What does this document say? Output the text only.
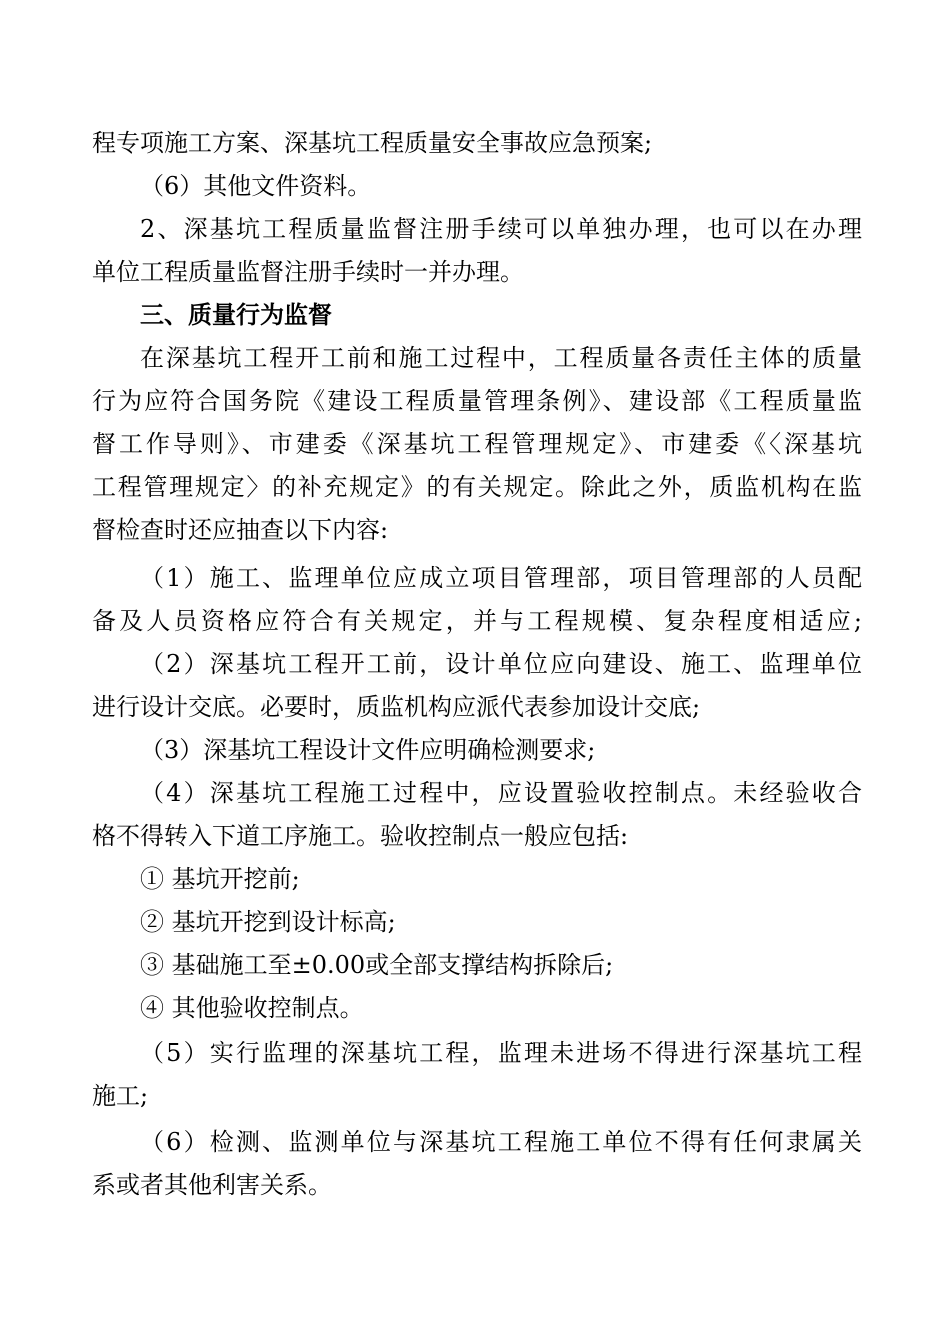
程专项施工方案、深基坑工程质量安全事故应急预案;
（6）其他文件资料。
2、深基坑工程质量监督注册手续可以单独办理，也可以在办理
单位工程质量监督注册手续时一并办理。
三、质量行为监督
在深基坑工程开工前和施工过程中，工程质量各责任主体的质量
行为应符合国务院《建设工程质量管理条例》、建设部《工程质量监
督工作导则》、市建委《深基坑工程管理规定》、市建委《〈深基坑
工程管理规定〉的补充规定》的有关规定。除此之外，质监机构在监
督检查时还应抽查以下内容:
（1）施工、监理单位应成立项目管理部，项目管理部的人员配
备及人员资格应符合有关规定，并与工程规模、复杂程度相适应;
（2）深基坑工程开工前，设计单位应向建设、施工、监理单位
进行设计交底。必要时，质监机构应派代表参加设计交底;
（3）深基坑工程设计文件应明确检测要求;
（4）深基坑工程施工过程中，应设置验收控制点。未经验收合
格不得转入下道工序施工。验收控制点一般应包括:
① 基坑开挖前;
② 基坑开挖到设计标高;
③ 基础施工至±0.00或全部支撑结构拆除后;
④ 其他验收控制点。
（5）实行监理的深基坑工程，监理未进场不得进行深基坑工程
施工;
（6）检测、监测单位与深基坑工程施工单位不得有任何隶属关
系或者其他利害关系。
